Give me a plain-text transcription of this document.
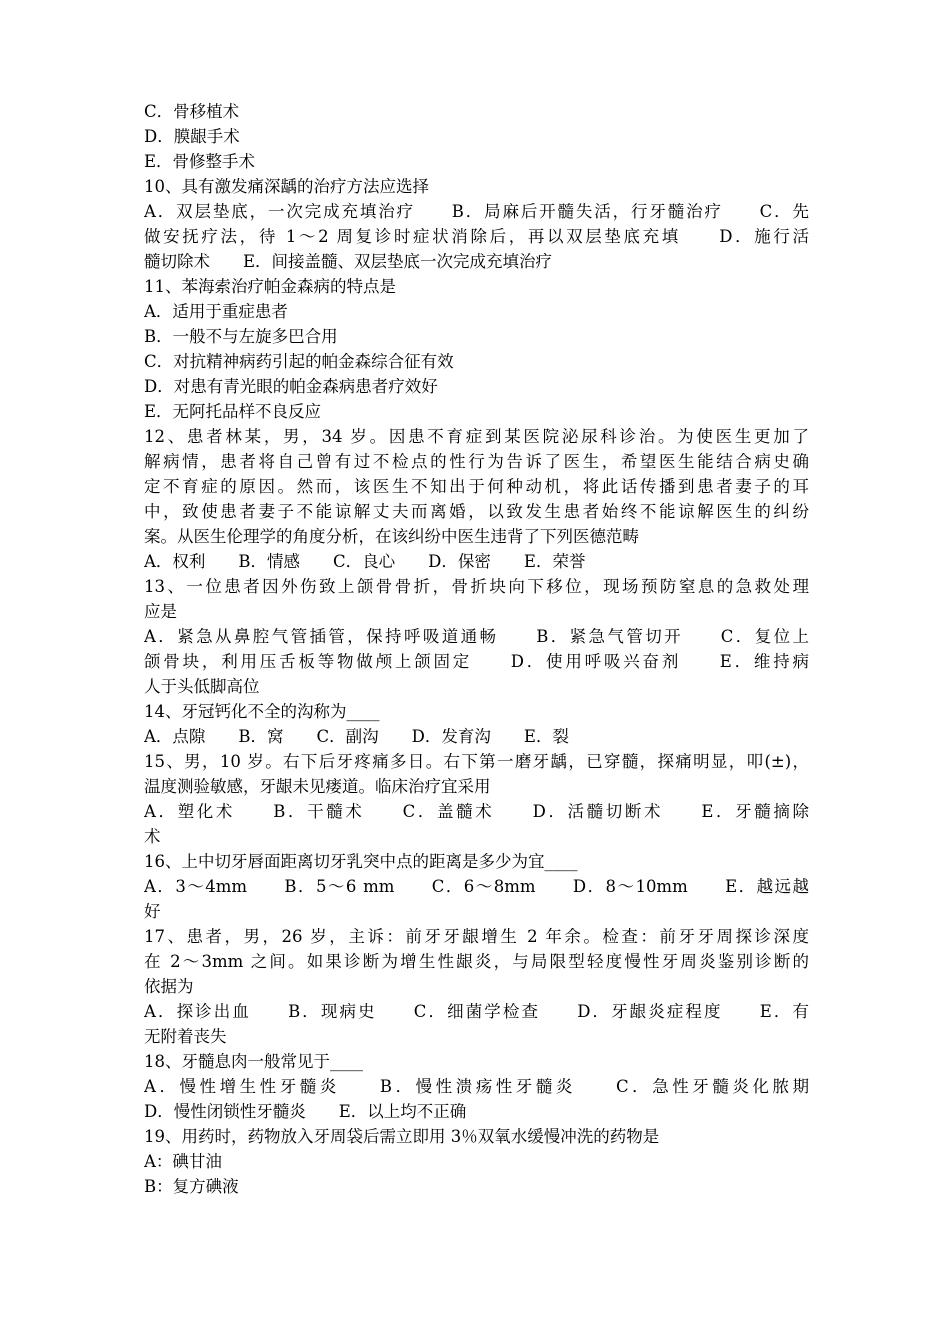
C．骨移植术
D．膜龈手术
E．骨修整手术
10、具有激发痛深龋的治疗方法应选择
A．双层垫底，一次完成充填治疗　　B．局麻后开髓失活，行牙髓治疗　　C．先
做安抚疗法，待 1～2 周复诊时症状消除后，再以双层垫底充填　　D．施行活
髓切除术　　E．间接盖髓、双层垫底一次完成充填治疗
11、苯海索治疗帕金森病的特点是
A．适用于重症患者
B．一般不与左旋多巴合用
C．对抗精神病药引起的帕金森综合征有效
D．对患有青光眼的帕金森病患者疗效好
E．无阿托品样不良反应
12、患者林某，男，34 岁。因患不育症到某医院泌尿科诊治。为使医生更加了
解病情，患者将自己曾有过不检点的性行为告诉了医生，希望医生能结合病史确
定不育症的原因。然而，该医生不知出于何种动机，将此话传播到患者妻子的耳
中，致使患者妻子不能谅解丈夫而离婚，以致发生患者始终不能谅解医生的纠纷
案。从医生伦理学的角度分析，在该纠纷中医生违背了下列医德范畴
A．权利　　B．情感　　C．良心　　D．保密　　E．荣誉
13、一位患者因外伤致上颌骨骨折，骨折块向下移位，现场预防窒息的急救处理
应是
A．紧急从鼻腔气管插管，保持呼吸道通畅　　B．紧急气管切开　　C．复位上
颌骨块，利用压舌板等物做颅上颌固定　　D．使用呼吸兴奋剂　　E．维持病
人于头低脚高位
14、牙冠钙化不全的沟称为____
A．点隙　　B．窝　　C．副沟　　D．发育沟　　E．裂
15、男，10 岁。右下后牙疼痛多日。右下第一磨牙龋，已穿髓，探痛明显，叩(±)，
温度测验敏感，牙龈未见瘘道。临床治疗宜采用
A．塑化术　　B．干髓术　　C．盖髓术　　D．活髓切断术　　E．牙髓摘除
术
16、上中切牙唇面距离切牙乳突中点的距离是多少为宜____
A．3～4mm　　B．5～6 mm　　C．6～8mm　　D．8～10mm　　E．越远越
好
17、患者，男，26 岁，主诉：前牙牙龈增生 2 年余。检查：前牙牙周探诊深度
在 2～3mm 之间。如果诊断为增生性龈炎，与局限型轻度慢性牙周炎鉴别诊断的
依据为
A．探诊出血　　B．现病史　　C．细菌学检查　　D．牙龈炎症程度　　E．有
无附着丧失
18、牙髓息肉一般常见于____
A．慢性增生性牙髓炎　　B．慢性溃疡性牙髓炎　　C．急性牙髓炎化脓期
D．慢性闭锁性牙髓炎　　E．以上均不正确
19、用药时，药物放入牙周袋后需立即用 3％双氧水缓慢冲洗的药物是
A：碘甘油
B：复方碘液
